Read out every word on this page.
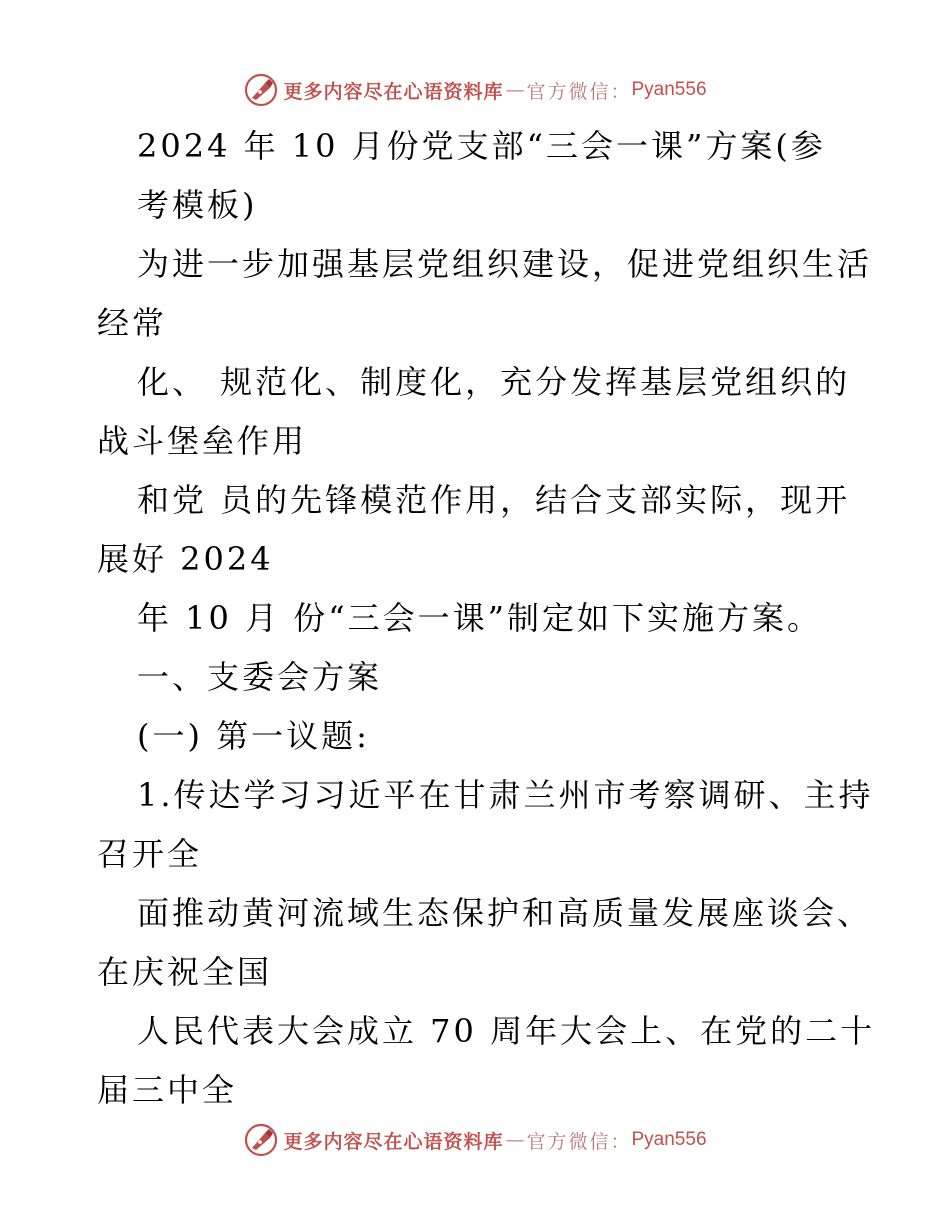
更多内容尽在心语资料库 — 官方微信： Pyan556
2024 年 10 月份党支部“三会一课”方案(参
考模板)
为进一步加强基层党组织建设，促进党组织生活
经常
化、 规范化、制度化，充分发挥基层党组织的
战斗堡垒作用
和党 员的先锋模范作用，结合支部实际，现开
展好 2024
年 10 月 份“三会一课”制定如下实施方案。
一、支委会方案
(一) 第一议题:
1.传达学习习近平在甘肃兰州市考察调研、主持
召开全
面推动黄河流域生态保护和高质量发展座谈会、
在庆祝全国
人民代表大会成立 70 周年大会上、在党的二十
届三中全
更多内容尽在心语资料库 — 官方微信： Pyan556
